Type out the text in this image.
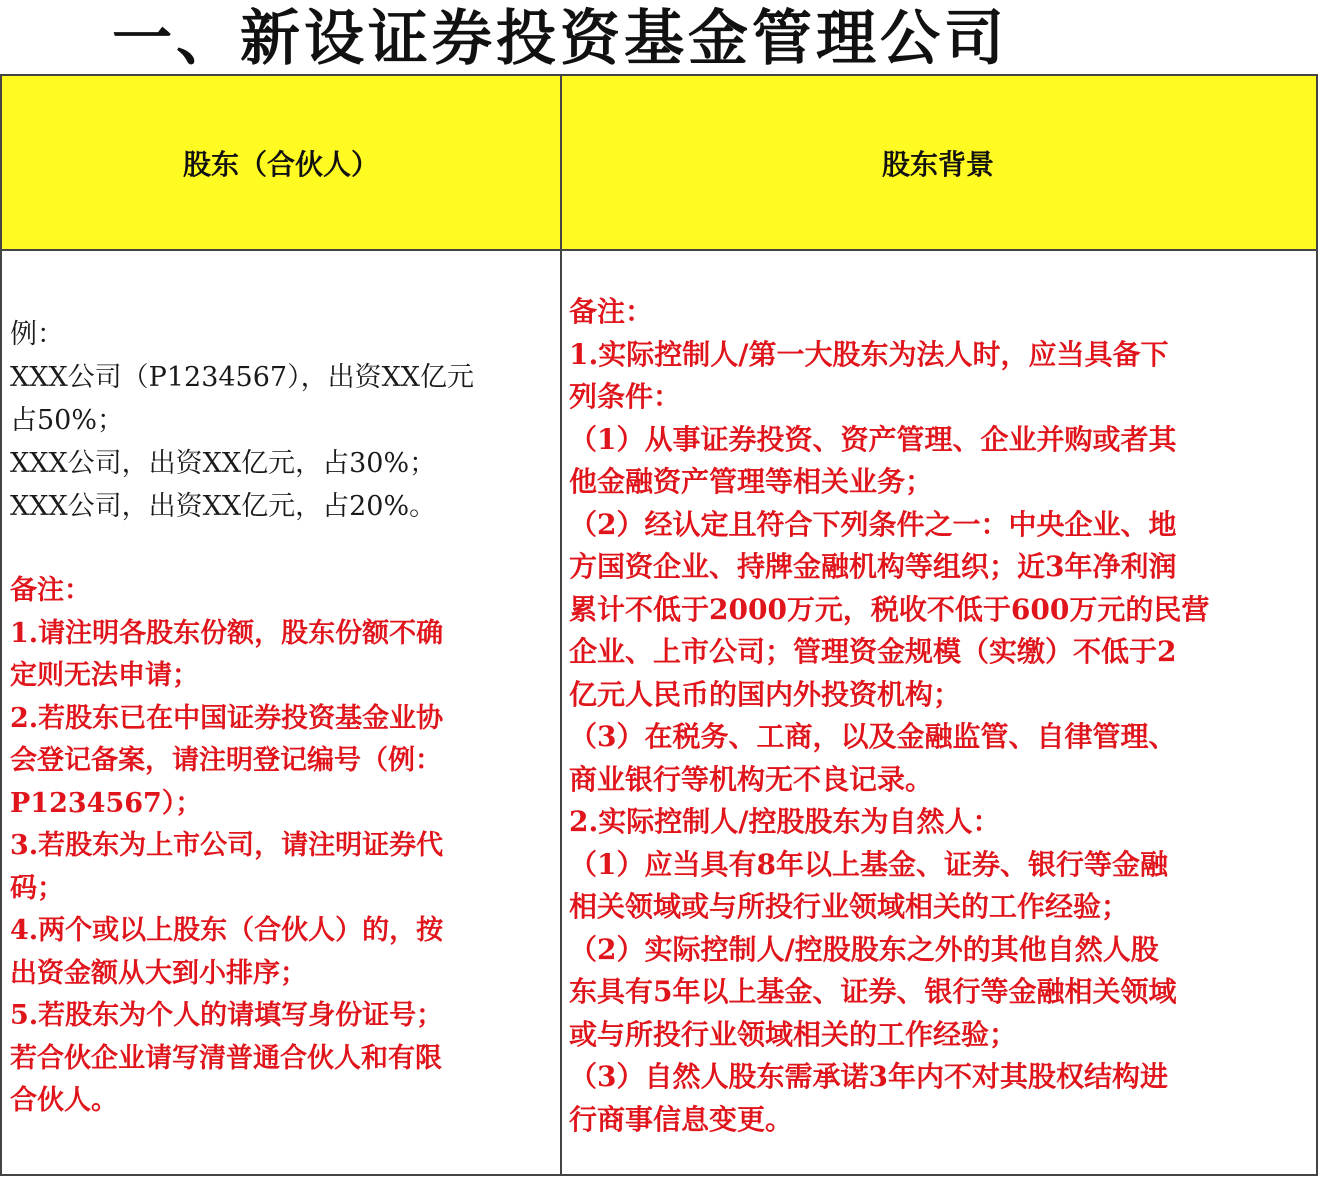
一、新设证券投资基金管理公司
股东（合伙人）	股东背景

例：

XXX公司（P1234567），出资XX亿元

占50%；

XXX公司，出资XX亿元，占30%；

XXX公司，出资XX亿元，占20%。

备注：

1.请注明各股东份额，股东份额不确

定则无法申请；

2.若股东已在中国证券投资基金业协

会登记备案，请注明登记编号（例：

P1234567）；

3.若股东为上市公司，请注明证券代

码；

4.两个或以上股东（合伙人）的，按

出资金额从大到小排序；

5.若股东为个人的请填写身份证号；

若合伙企业请写清普通合伙人和有限

合伙人。

备注：

1.实际控制人/第一大股东为法人时，应当具备下

列条件：

（1）从事证券投资、资产管理、企业并购或者其

他金融资产管理等相关业务；

（2）经认定且符合下列条件之一：中央企业、地

方国资企业、持牌金融机构等组织；近3年净利润

累计不低于2000万元，税收不低于600万元的民营

企业、上市公司；管理资金规模（实缴）不低于2

亿元人民币的国内外投资机构；

（3）在税务、工商，以及金融监管、自律管理、

商业银行等机构无不良记录。

2.实际控制人/控股股东为自然人：

（1）应当具有8年以上基金、证券、银行等金融

相关领域或与所投行业领域相关的工作经验；

（2）实际控制人/控股股东之外的其他自然人股

东具有5年以上基金、证券、银行等金融相关领域

或与所投行业领域相关的工作经验；

（3）自然人股东需承诺3年内不对其股权结构进

行商事信息变更。
